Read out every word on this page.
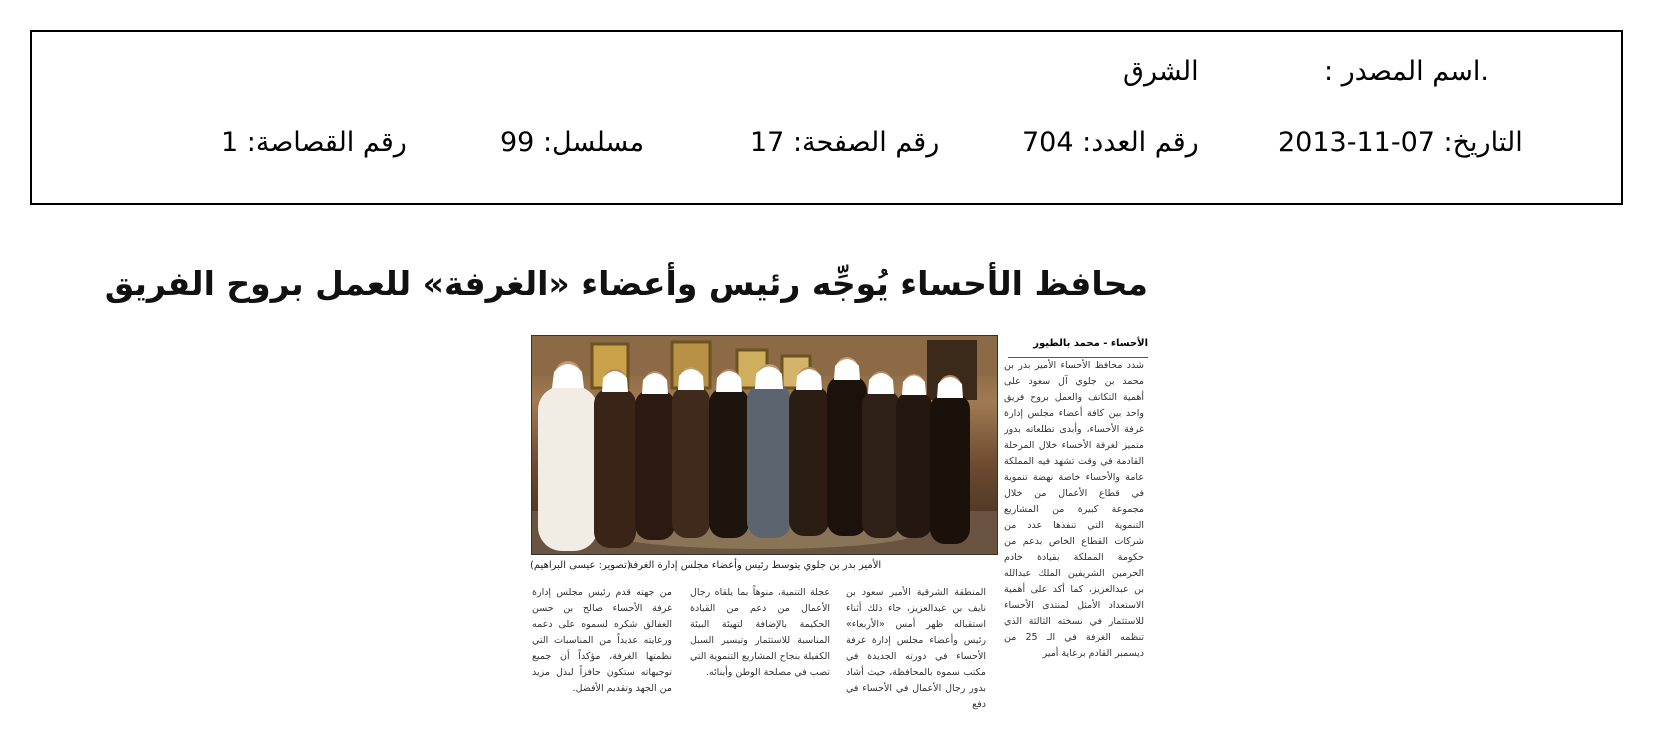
.اسم المصدر :
الشرق
التاريخ: 07-11-2013
رقم العدد: 704
رقم الصفحة: 17
مسلسل: 99
رقم القصاصة: 1
محافظ الأحساء يُوجِّه رئيس وأعضاء «الغرفة» للعمل بروح الفريق
الأحساء - محمد بالطيور
الأمير بدر بن جلوي يتوسط رئيس وأعضاء مجلس إدارة الغرفة
(تصوير: عيسى البراهيم)
شدد محافظ الأحساء الأمير بدر بن محمد بن جلوي آل سعود على أهمية التكاتف والعمل بروح فريق واحد بين كافة أعضاء مجلس إدارة غرفة الأحساء، وأبدى تطلعاته بدور متميز لغرفة الأحساء خلال المرحلة القادمة في وقت تشهد فيه المملكة عامة والأحساء خاصة نهضة تنموية في قطاع الأعمال من خلال مجموعة كبيرة من المشاريع التنموية التي تنفذها عدد من شركات القطاع الخاص بدعم من حكومة المملكة بقيادة خادم الحرمين الشريفين الملك عبدالله بن عبدالعزيز، كما أكد على أهمية الاستعداد الأمثل لمنتدى الأحساء للاستثمار في نسخته الثالثة الذي تنظمه الغرفة في الـ 25 من ديسمبر القادم برعاية أمير
المنطقة الشرقية الأمير سعود بن نايف بن عبدالعزيز، جاء ذلك أثناء استقباله ظهر أمس «الأربعاء» رئيس وأعضاء مجلس إدارة غرفة الأحساء في دورته الجديدة في مكتب سموه بالمحافظة، حيث أشاد بدور رجال الأعمال في الأحساء في دفع
عجلة التنمية، منوهاً بما يلقاه رجال الأعمال من دعم من القيادة الحكيمة بالإضافة لتهيئة البيئة المناسبة للاستثمار وتيسير السبل الكفيلة بنجاح المشاريع التنموية التي تصب في مصلحة الوطن وأبنائه.
من جهته قدم رئيس مجلس إدارة غرفة الأحساء صالح بن حسن العفالق شكره لسموه على دعمه ورعايته عديداً من المناسبات التي نظمتها الغرفة، مؤكداً أن جميع توجيهاته ستكون حافزاً لبذل مزيد من الجهد وتقديم الأفضل.
